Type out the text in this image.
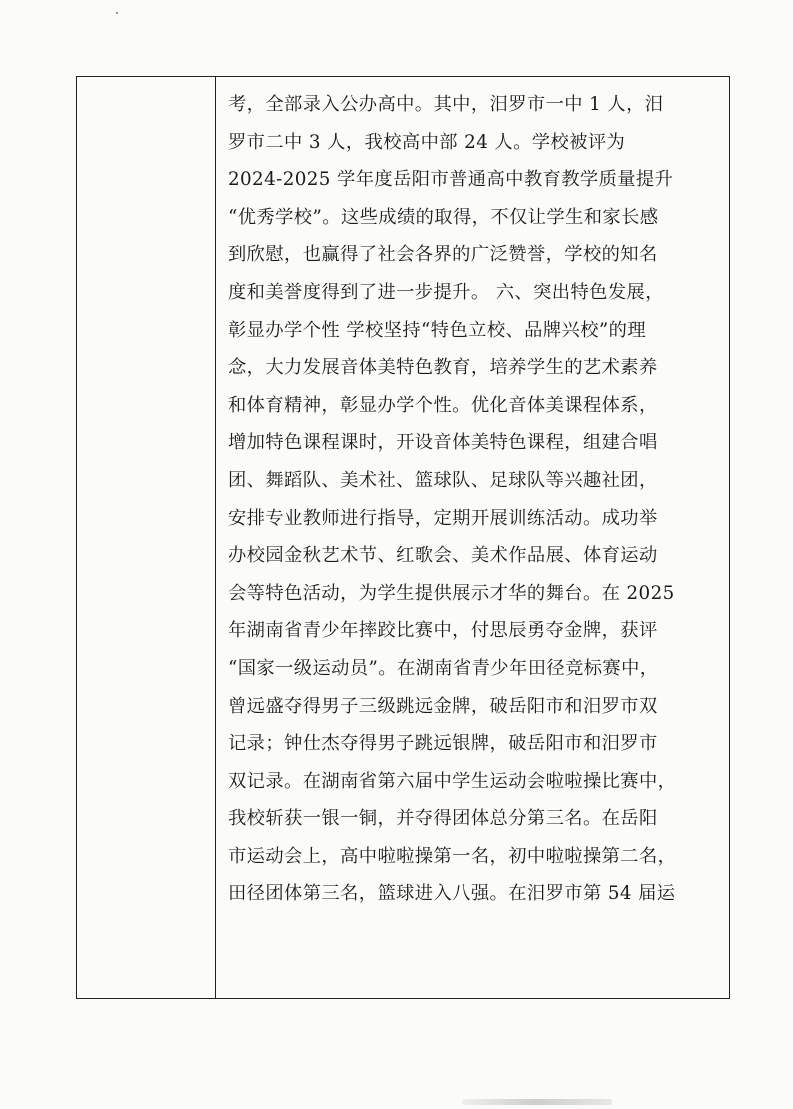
考，全部录入公办高中。其中，汨罗市一中 1 人，汨

罗市二中 3 人，我校高中部 24 人。学校被评为

2024-2025 学年度岳阳市普通高中教育教学质量提升

“优秀学校”。这些成绩的取得，不仅让学生和家长感

到欣慰，也赢得了社会各界的广泛赞誉，学校的知名

度和美誉度得到了进一步提升。 六、突出特色发展，

彰显办学个性 学校坚持“特色立校、品牌兴校”的理

念，大力发展音体美特色教育，培养学生的艺术素养

和体育精神，彰显办学个性。优化音体美课程体系，

增加特色课程课时，开设音体美特色课程，组建合唱

团、舞蹈队、美术社、篮球队、足球队等兴趣社团，

安排专业教师进行指导，定期开展训练活动。成功举

办校园金秋艺术节、红歌会、美术作品展、体育运动

会等特色活动，为学生提供展示才华的舞台。在 2025

年湖南省青少年摔跤比赛中，付思辰勇夺金牌，获评

“国家一级运动员”。在湖南省青少年田径竞标赛中，

曾远盛夺得男子三级跳远金牌，破岳阳市和汨罗市双

记录；钟仕杰夺得男子跳远银牌，破岳阳市和汨罗市

双记录。在湖南省第六届中学生运动会啦啦操比赛中，

我校斩获一银一铜，并夺得团体总分第三名。在岳阳

市运动会上，高中啦啦操第一名，初中啦啦操第二名，

田径团体第三名，篮球进入八强。在汨罗市第 54 届运
